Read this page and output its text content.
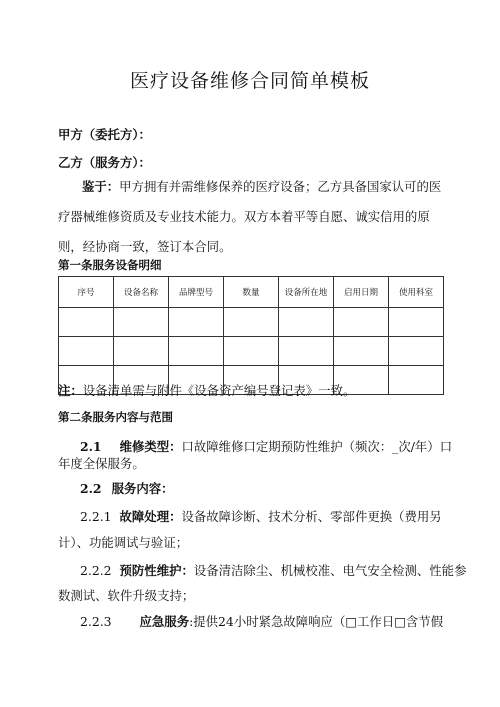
医疗设备维修合同简单模板
甲方（委托方）：
乙方（服务方）：
鉴于：甲方拥有并需维修保养的医疗设备；乙方具备国家认可的医疗器械维修资质及专业技术能力。双方本着平等自愿、诚实信用的原则，经协商一致，签订本合同。
第一条服务设备明细
序号	设备名称	品牌型号	数量	设备所在地	启用日期	使用科室

注：设备清单需与附件《设备资产编号登记表》一致。
第二条服务内容与范围
2.1 维修类型：口故障维修口定期预防性维护（频次：_次/年）口
年度全保服务。
2.2 服务内容：
2.2.1 故障处理：设备故障诊断、技术分析、零部件更换（费用另
计）、功能调试与验证；
2.2.2 预防性维护：设备清洁除尘、机械校准、电气安全检测、性能参
数测试、软件升级支持；
2.2.3 应急服务:提供24小时紧急故障响应（□工作日□含节假
